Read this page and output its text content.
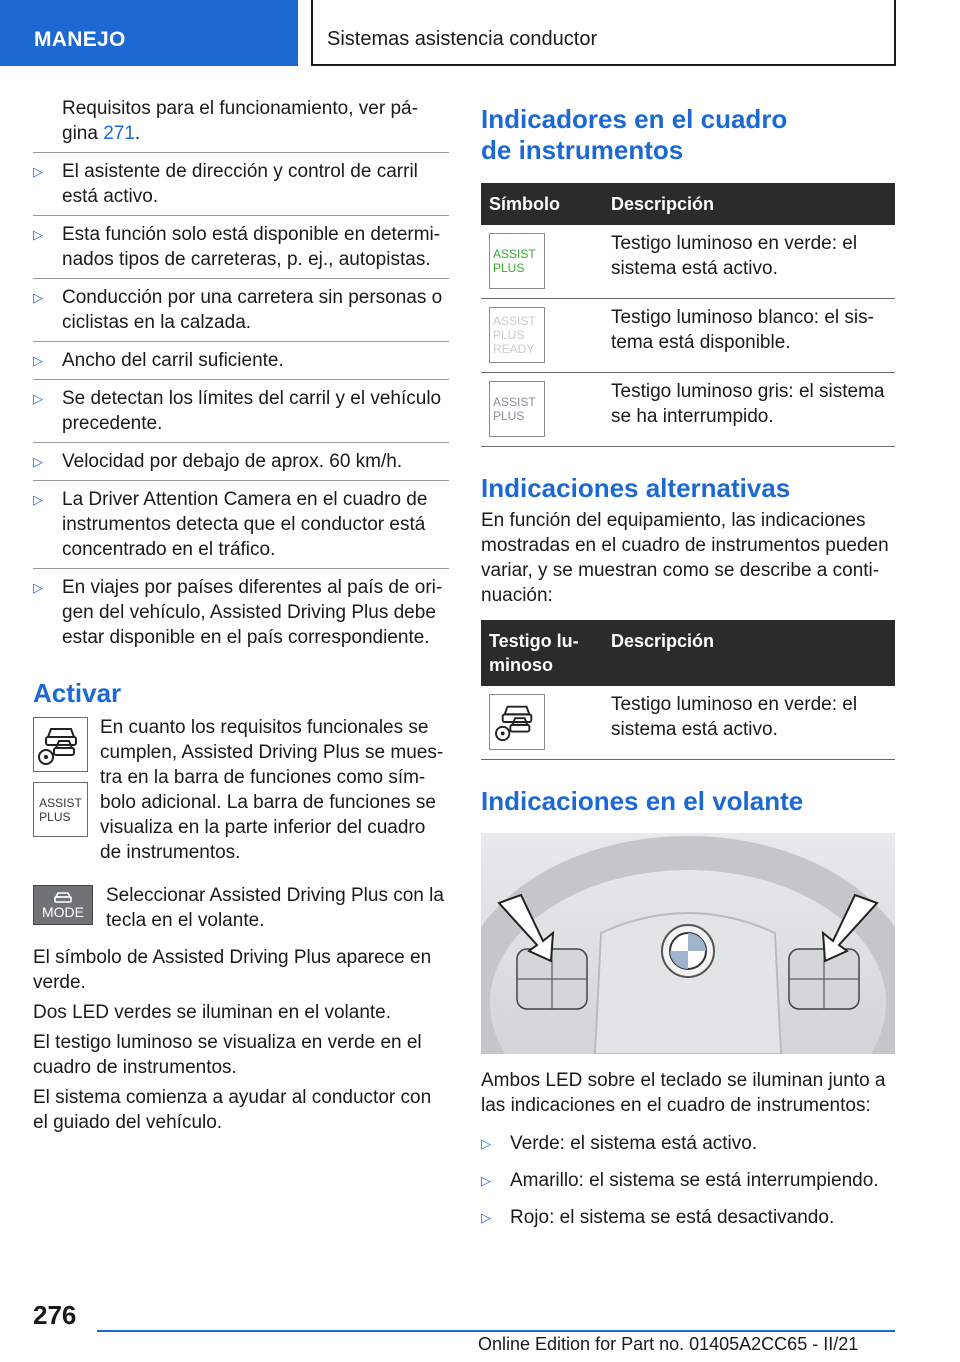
MANEJO	Sistemas asistencia conductor

Requisitos para el funcionamiento, ver pá-gina 271.

▷ El asistente de dirección y control de carril está activo.
▷ Esta función solo está disponible en determi-nados tipos de carreteras, p. ej., autopistas.
▷ Conducción por una carretera sin personas o ciclistas en la calzada.
▷ Ancho del carril suficiente.
▷ Se detectan los límites del carril y el vehículo precedente.
▷ Velocidad por debajo de aprox. 60 km/h.
▷ La Driver Attention Camera en el cuadro de instrumentos detecta que el conductor está concentrado en el tráfico.
▷ En viajes por países diferentes al país de ori-gen del vehículo, Assisted Driving Plus debe estar disponible en el país correspondiente.
Activar
ASSIST
PLUS

En cuanto los requisitos funcionales se cumplen, Assisted Driving Plus se mues-tra en la barra de funciones como sím-bolo adicional. La barra de funciones se visualiza en la parte inferior del cuadro de instrumentos.

MODE

Seleccionar Assisted Driving Plus con la tecla en el volante.

El símbolo de Assisted Driving Plus aparece en verde.

Dos LED verdes se iluminan en el volante.

El testigo luminoso se visualiza en verde en el cuadro de instrumentos.

El sistema comienza a ayudar al conductor con el guiado del vehículo.

Indicadores en el cuadro
de instrumentos
Símbolo	Descripción

ASSIST
PLUS	Testigo luminoso en verde: el sistema está activo.

ASSIST
PLUS
READY	Testigo luminoso blanco: el sis-tema está disponible.

ASSIST
PLUS	Testigo luminoso gris: el sistema se ha interrumpido.
Indicaciones alternativas

En función del equipamiento, las indicaciones mostradas en el cuadro de instrumentos pueden variar, y se muestran como se describe a conti-nuación:

Testigo lu-minoso	Descripción

	Testigo luminoso en verde: el sistema está activo.
Indicaciones en el volante

Ambos LED sobre el teclado se iluminan junto a las indicaciones en el cuadro de instrumentos:

▷ Verde: el sistema está activo.
▷ Amarillo: el sistema se está interrumpiendo.
▷ Rojo: el sistema se está desactivando.
276
Online Edition for Part no. 01405A2CC65 - II/21
